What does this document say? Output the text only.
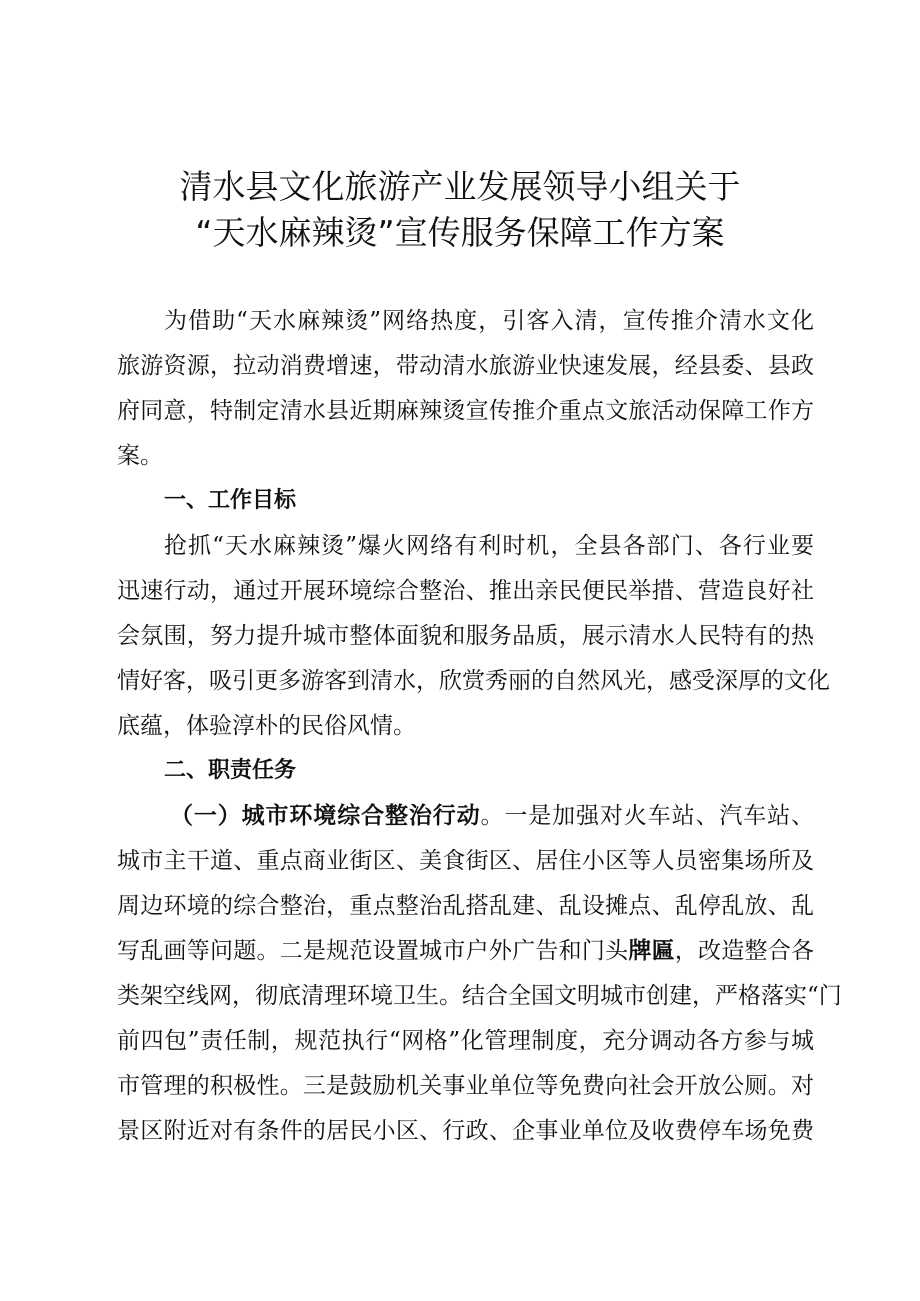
清水县文化旅游产业发展领导小组关于
“天水麻辣烫”宣传服务保障工作方案
为借助“天水麻辣烫”网络热度，引客入清，宣传推介清水文化
旅游资源，拉动消费增速，带动清水旅游业快速发展，经县委、县政
府同意，特制定清水县近期麻辣烫宣传推介重点文旅活动保障工作方
案。
一、工作目标
抢抓“天水麻辣烫”爆火网络有利时机，全县各部门、各行业要
迅速行动，通过开展环境综合整治、推出亲民便民举措、营造良好社
会氛围，努力提升城市整体面貌和服务品质，展示清水人民特有的热
情好客，吸引更多游客到清水，欣赏秀丽的自然风光，感受深厚的文化
底蕴，体验淳朴的民俗风情。
二、职责任务
（一）城市环境综合整治行动。一是加强对火车站、汽车站、
城市主干道、重点商业街区、美食街区、居住小区等人员密集场所及
周边环境的综合整治，重点整治乱搭乱建、乱设摊点、乱停乱放、乱
写乱画等问题。二是规范设置城市户外广告和门头牌匾，改造整合各
类架空线网，彻底清理环境卫生。结合全国文明城市创建，严格落实“门
前四包”责任制，规范执行“网格”化管理制度，充分调动各方参与城
市管理的积极性。三是鼓励机关事业单位等免费向社会开放公厕。对
景区附近对有条件的居民小区、行政、企事业单位及收费停车场免费
